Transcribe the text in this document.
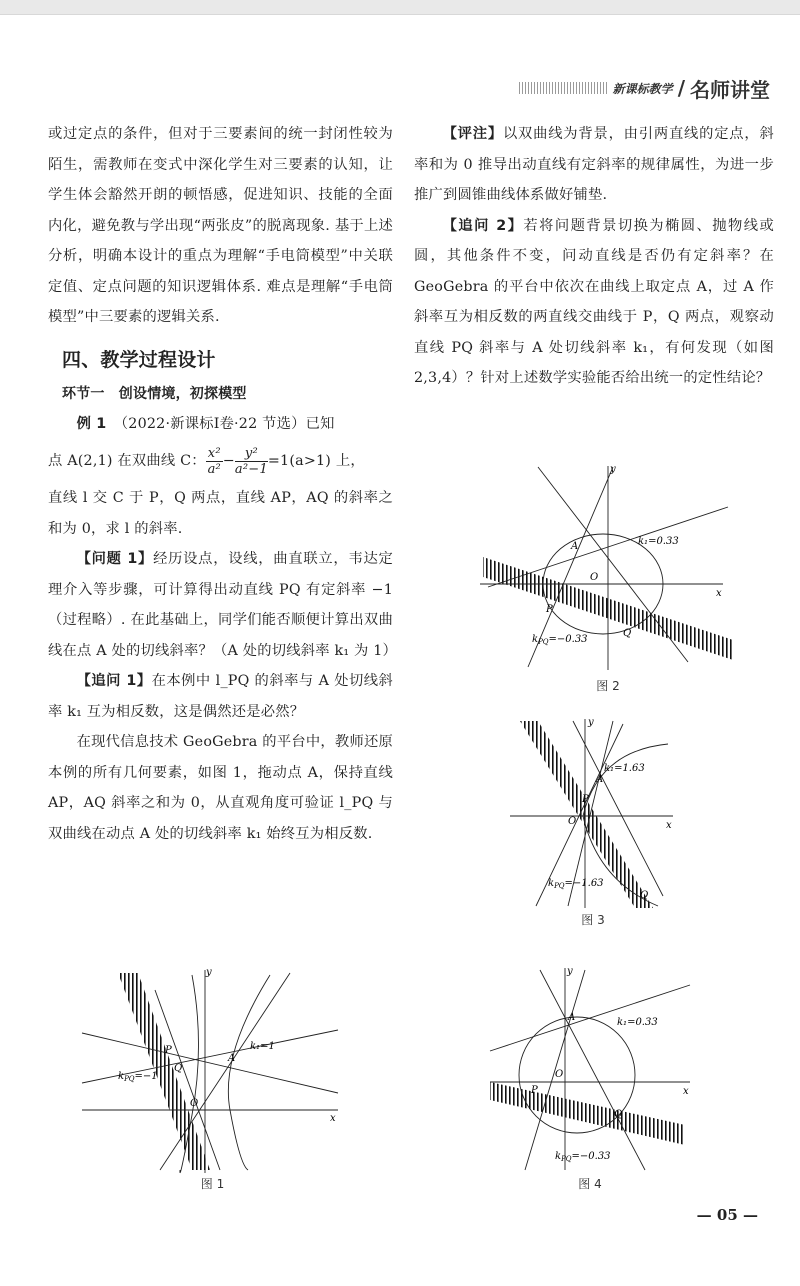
新课标教学 / 名师讲堂

或过定点的条件，但对于三要素间的统一封闭性较为陌生，需教师在变式中深化学生对三要素的认知，让学生体会豁然开朗的顿悟感，促进知识、技能的全面内化，避免教与学出现“两张皮”的脱离现象. 基于上述分析，明确本设计的重点为理解“手电筒模型”中关联定值、定点问题的知识逻辑体系. 难点是理解“手电筒模型”中三要素的逻辑关系.

四、教学过程设计
环节一　创设情境，初探模型

例 1　 （2022·新课标Ⅰ卷·22 节选）已知

点 A(2,1) 在双曲线 C： $\frac{\text{x²}}{\text{a²}} - \frac{\text{y²}}{\text{a²−1}} =1(a>1)$ 上，

直线 l 交 C 于 P，Q 两点，直线 AP，AQ 的斜率之和为 0，求 l 的斜率.

【问题 1】经历设点，设线，曲直联立，韦达定理介入等步骤，可计算得出动直线 PQ 有定斜率 −1（过程略）. 在此基础上，同学们能否顺便计算出双曲线在点 A 处的切线斜率？（A 处的切线斜率 k₁ 为 1）

【追问 1】在本例中 l_PQ 的斜率与 A 处切线斜率 k₁ 互为相反数，这是偶然还是必然？

在现代信息技术 GeoGebra 的平台中，教师还原本例的所有几何要素，如图 1，拖动点 A，保持直线 AP，AQ 斜率之和为 0，从直观角度可验证 l_PQ 与双曲线在动点 A 处的切线斜率 k₁ 始终互为相反数.

【评注】以双曲线为背景，由引两直线的定点，斜率和为 0 推导出动直线有定斜率的规律属性，为进一步推广到圆锥曲线体系做好铺垫.

【追问 2】若将问题背景切换为椭圆、抛物线或圆，其他条件不变，问动直线是否仍有定斜率？在 GeoGebra 的平台中依次在曲线上取定点 A，过 A 作斜率互为相反数的两直线交曲线于 P，Q 两点，观察动直线 PQ 斜率与 A 处切线斜率 k₁，有何发现（如图 2,3,4）？针对上述数学实验能否给出统一的定性结论？

y
x
O
A
P
Q
k₁=1
$k_{PQ}=-1$
图 1
y
x
O
A
P
Q
k₁=0.33
$k_{PQ}=-0.33$
图 2
y
x
O
A
P
Q
k₁=1.63
$k_{PQ}=-1.63$
图 3
y
x
O
A
P
Q
k₁=0.33
$k_{PQ}=-0.33$
图 4
— 05 —
